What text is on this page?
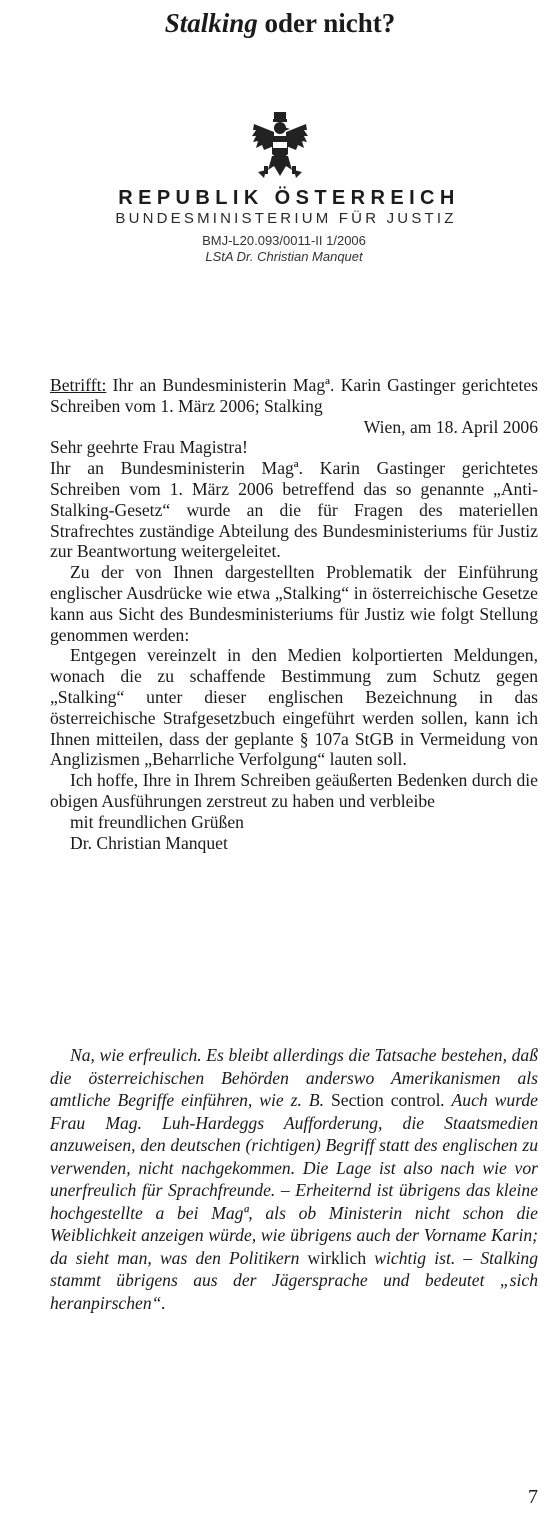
Stalking oder nicht?
REPUBLIK ÖSTERREICH
BUNDESMINISTERIUM FÜR JUSTIZ
BMJ-L20.093/0011-II 1/2006
LStA Dr. Christian Manquet

Betrifft: Ihr an Bundesministerin Magª. Karin Gastinger gerichtetes Schreiben vom 1. März 2006; Stalking

Wien, am 18. April 2006

Sehr geehrte Frau Magistra!

Ihr an Bundesministerin Magª. Karin Gastinger gerichtetes Schreiben vom 1. März 2006 betreffend das so genannte „Anti-Stalking-Gesetz“ wurde an die für Fragen des materiellen Strafrechtes zuständige Abteilung des Bundesministeriums für Justiz zur Beantwortung weitergeleitet.

Zu der von Ihnen dargestellten Problematik der Einführung englischer Ausdrücke wie etwa „Stalking“ in österreichische Gesetze kann aus Sicht des Bundesministeriums für Justiz wie folgt Stellung genommen werden:

Entgegen vereinzelt in den Medien kolportierten Meldungen, wonach die zu schaffende Bestimmung zum Schutz gegen „Stalking“ unter dieser englischen Bezeichnung in das österreichische Strafgesetzbuch eingeführt werden sollen, kann ich Ihnen mitteilen, dass der geplante § 107a StGB in Vermeidung von Anglizismen „Beharrliche Verfolgung“ lauten soll.

Ich hoffe, Ihre in Ihrem Schreiben geäußerten Bedenken durch die obigen Ausführungen zerstreut zu haben und verbleibe

mit freundlichen Grüßen

Dr. Christian Manquet

Na, wie erfreulich. Es bleibt allerdings die Tatsache bestehen, daß die österreichischen Behörden anderswo Amerikanismen als amtliche Begriffe einführen, wie z. B. Section control. Auch wurde Frau Mag. Luh-Hardeggs Aufforderung, die Staatsmedien anzuweisen, den deutschen (richtigen) Begriff statt des englischen zu verwenden, nicht nachgekommen. Die Lage ist also nach wie vor unerfreulich für Sprachfreunde. – Erheiternd ist übrigens das kleine hochgestellte a bei Magª, als ob Ministerin nicht schon die Weiblichkeit anzeigen würde, wie übrigens auch der Vorname Karin; da sieht man, was den Politikern wirklich wichtig ist. – Stalking stammt übrigens aus der Jägersprache und bedeutet „sich heranpirschen“.

7
